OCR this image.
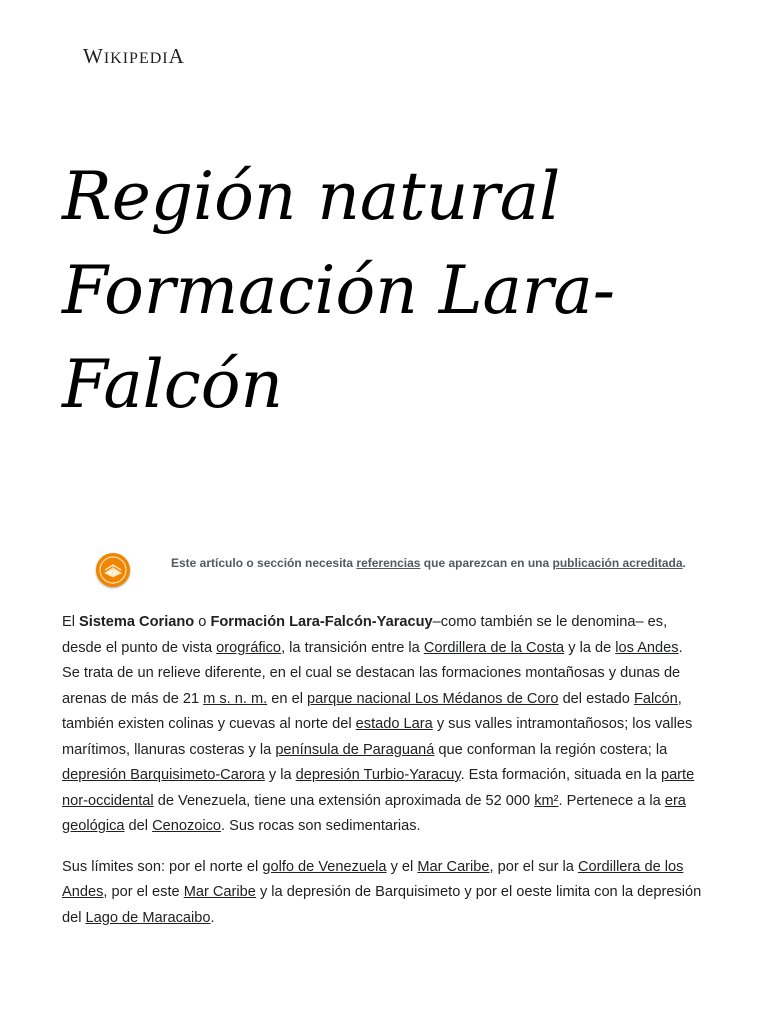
WIKIPEDIA
Región natural Formación Lara-Falcón
Este artículo o sección necesita referencias que aparezcan en una publicación acreditada.

El Sistema Coriano o Formación Lara-Falcón-Yaracuy–como también se le denomina– es, desde el punto de vista orográfico, la transición entre la Cordillera de la Costa y la de los Andes. Se trata de un relieve diferente, en el cual se destacan las formaciones montañosas y dunas de arenas de más de 21 m s. n. m. en el parque nacional Los Médanos de Coro del estado Falcón, también existen colinas y cuevas al norte del estado Lara y sus valles intramontañosos; los valles marítimos, llanuras costeras y la península de Paraguaná que conforman la región costera; la depresión Barquisimeto-Carora y la depresión Turbio-Yaracuy. Esta formación, situada en la parte nor-occidental de Venezuela, tiene una extensión aproximada de 52 000 km². Pertenece a la era geológica del Cenozoico. Sus rocas son sedimentarias.

Sus límites son: por el norte el golfo de Venezuela y el Mar Caribe, por el sur la Cordillera de los Andes, por el este Mar Caribe y la depresión de Barquisimeto y por el oeste limita con la depresión del Lago de Maracaibo.
